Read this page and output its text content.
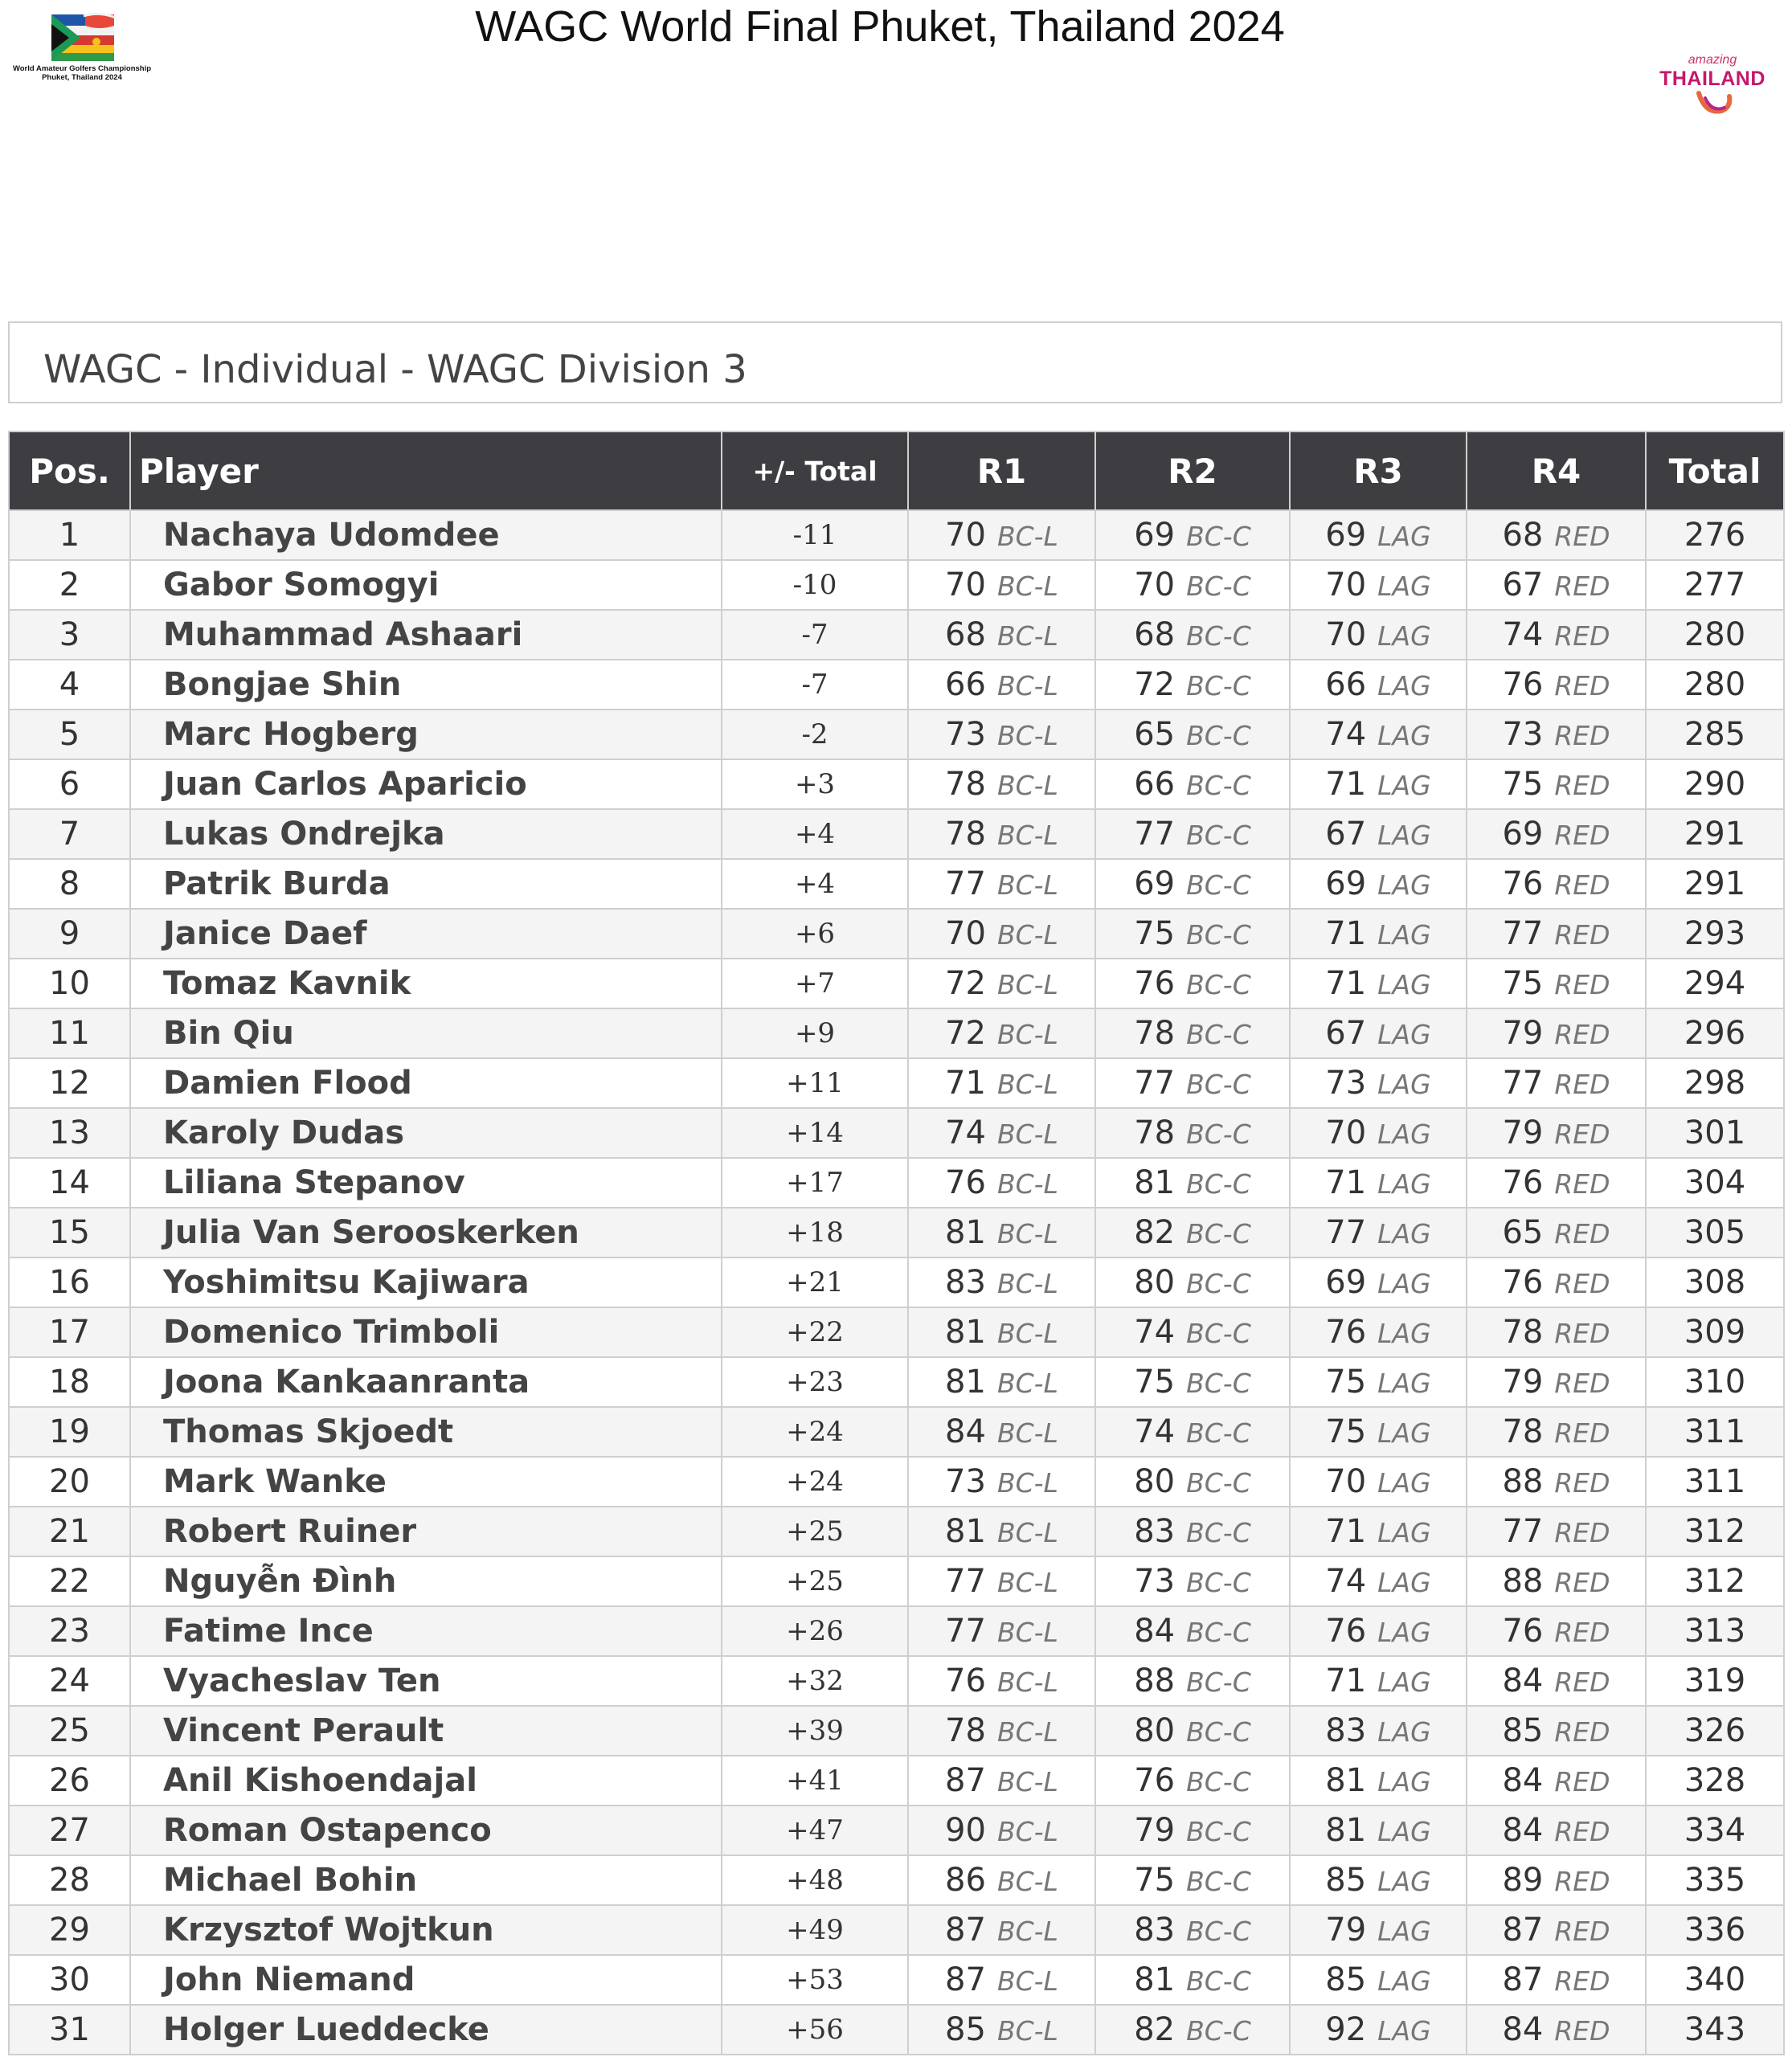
WAGC World Final Phuket, Thailand 2024
World Amateur Golfers Championship
Phuket, Thailand 2024
amazing
THAILAND
WAGC - Individual - WAGC Division 3
Pos.	Player	+/- Total	R1	R2	R3	R4	Total
1	Nachaya Udomdee	-11	70 BC-L	69 BC-C	69 LAG	68 RED	276
2	Gabor Somogyi	-10	70 BC-L	70 BC-C	70 LAG	67 RED	277
3	Muhammad Ashaari	-7	68 BC-L	68 BC-C	70 LAG	74 RED	280
4	Bongjae Shin	-7	66 BC-L	72 BC-C	66 LAG	76 RED	280
5	Marc Hogberg	-2	73 BC-L	65 BC-C	74 LAG	73 RED	285
6	Juan Carlos Aparicio	+3	78 BC-L	66 BC-C	71 LAG	75 RED	290
7	Lukas Ondrejka	+4	78 BC-L	77 BC-C	67 LAG	69 RED	291
8	Patrik Burda	+4	77 BC-L	69 BC-C	69 LAG	76 RED	291
9	Janice Daef	+6	70 BC-L	75 BC-C	71 LAG	77 RED	293
10	Tomaz Kavnik	+7	72 BC-L	76 BC-C	71 LAG	75 RED	294
11	Bin Qiu	+9	72 BC-L	78 BC-C	67 LAG	79 RED	296
12	Damien Flood	+11	71 BC-L	77 BC-C	73 LAG	77 RED	298
13	Karoly Dudas	+14	74 BC-L	78 BC-C	70 LAG	79 RED	301
14	Liliana Stepanov	+17	76 BC-L	81 BC-C	71 LAG	76 RED	304
15	Julia Van Serooskerken	+18	81 BC-L	82 BC-C	77 LAG	65 RED	305
16	Yoshimitsu Kajiwara	+21	83 BC-L	80 BC-C	69 LAG	76 RED	308
17	Domenico Trimboli	+22	81 BC-L	74 BC-C	76 LAG	78 RED	309
18	Joona Kankaanranta	+23	81 BC-L	75 BC-C	75 LAG	79 RED	310
19	Thomas Skjoedt	+24	84 BC-L	74 BC-C	75 LAG	78 RED	311
20	Mark Wanke	+24	73 BC-L	80 BC-C	70 LAG	88 RED	311
21	Robert Ruiner	+25	81 BC-L	83 BC-C	71 LAG	77 RED	312
22	Nguyễn Đình	+25	77 BC-L	73 BC-C	74 LAG	88 RED	312
23	Fatime Ince	+26	77 BC-L	84 BC-C	76 LAG	76 RED	313
24	Vyacheslav Ten	+32	76 BC-L	88 BC-C	71 LAG	84 RED	319
25	Vincent Perault	+39	78 BC-L	80 BC-C	83 LAG	85 RED	326
26	Anil Kishoendajal	+41	87 BC-L	76 BC-C	81 LAG	84 RED	328
27	Roman Ostapenco	+47	90 BC-L	79 BC-C	81 LAG	84 RED	334
28	Michael Bohin	+48	86 BC-L	75 BC-C	85 LAG	89 RED	335
29	Krzysztof Wojtkun	+49	87 BC-L	83 BC-C	79 LAG	87 RED	336
30	John Niemand	+53	87 BC-L	81 BC-C	85 LAG	87 RED	340
31	Holger Lueddecke	+56	85 BC-L	82 BC-C	92 LAG	84 RED	343
